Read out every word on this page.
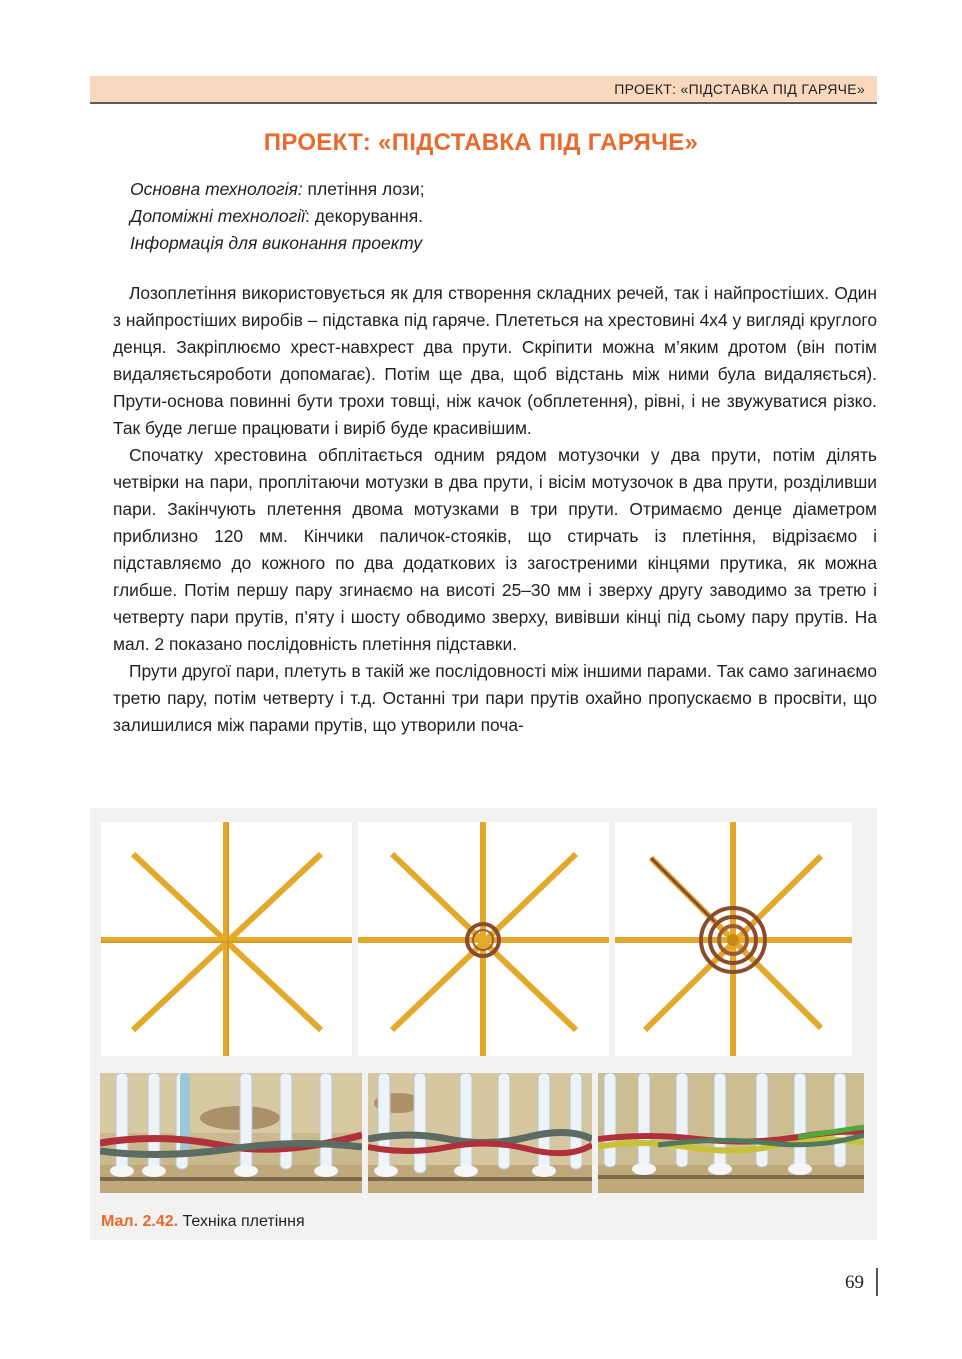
ПРОЕКТ: «ПІДСТАВКА ПІД ГАРЯЧЕ»
ПРОЕКТ: «ПІДСТАВКА ПІД ГАРЯЧЕ»
Основна технологія: плетіння лози;
Допоміжні технології: декорування.
Інформація для виконання проекту

Лозоплетіння використовується як для створення складних речей, так і найпростіших. Один з найпростіших виробів – підставка під гаряче. Плететься на хрестовині 4х4 у вигляді круглого денця. Закріплюємо хрест-навхрест два прути. Скріпити можна м’яким дротом (він потім видаляєтьсяроботи допомагає). Потім ще два, щоб відстань між ними була видаляється). Прути-основа повинні бути трохи товщі, ніж качок (обплетення), рівні, і не звужуватися різко. Так буде легше працювати і виріб буде красивішим.

Спочатку хрестовина обплітається одним рядом мотузочки у два прути, потім ділять четвірки на пари, проплітаючи мотузки в два прути, і вісім мотузочок в два прути, розділивши пари. Закінчують плетення двома мотузками в три прути. Отримаємо денце діаметром приблизно 120 мм. Кінчики паличок-стояків, що стирчать із плетіння, відрізаємо і підставляємо до кожного по два додаткових із загостреними кінцями прутика, як можна глибше. Потім першу пару згинаємо на висоті 25–30 мм і зверху другу заводимо за третю і четверту пари прутів, п’яту і шосту обводимо зверху, вивівши кінці під сьому пару прутів. На мал. 2 показано послідовність плетіння підставки.

Прути другої пари, плетуть в такій же послідовності між іншими парами. Так само загинаємо третю пару, потім четверту і т.д. Останні три пари прутів охайно пропускаємо в просвіти, що залишилися між парами прутів, що утворили поча-

Мал. 2.42. Техніка плетіння
69
